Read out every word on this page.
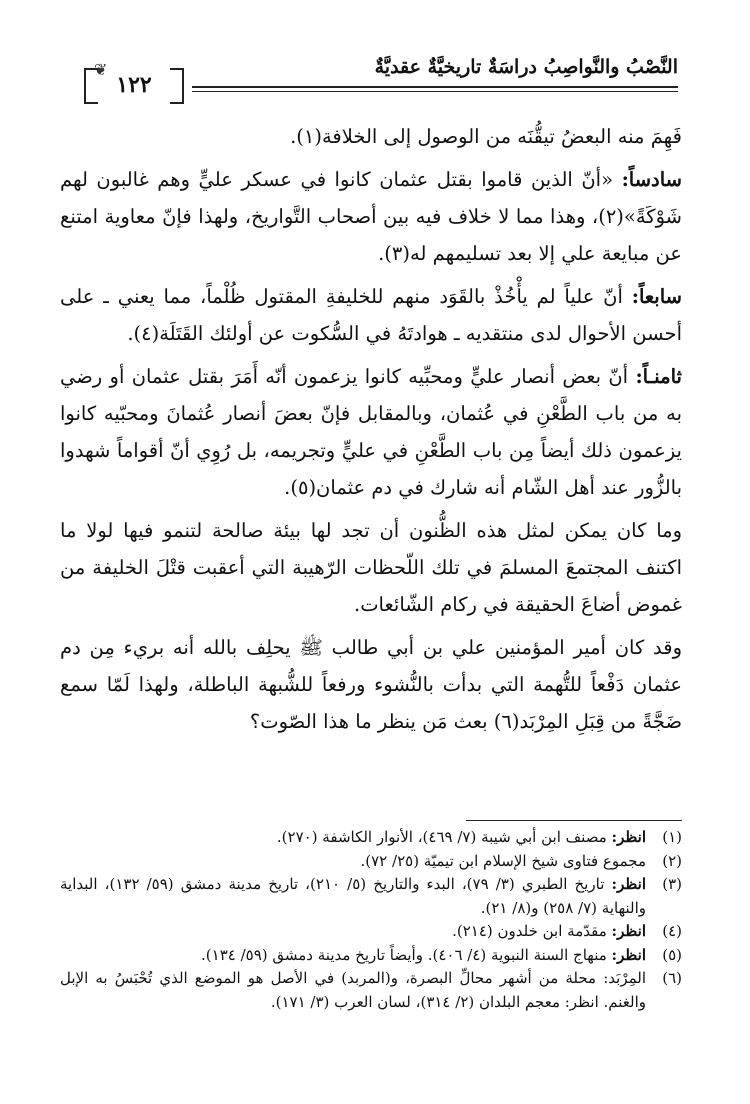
النَّصْبُ والنَّواصِبُ دراسَةٌ تاريخيَّةٌ عقديَّةٌ
❦
١٢٢

فَهِمَ منه البعضُ تيقُّنَه من الوصول إلى الخلافة(١).

سادساً: «أنّ الذين قاموا بقتل عثمان كانوا في عسكر عليٍّ وهم غالبون لهم شَوْكَةً»(٢)، وهذا مما لا خلاف فيه بين أصحاب التَّواريخ، ولهذا فإنّ معاوية امتنع عن مبايعة علي إلا بعد تسليمهم له(٣).

سابعاً: أنّ علياً لم يأْخُذْ بالقَوَد منهم للخليفةِ المقتول ظُلْماً، مما يعني ـ على أحسن الأحوال لدى منتقديه ـ هوادتَهُ في السُّكوت عن أولئك القَتَلَة(٤).

ثامنـاً: أنّ بعض أنصار عليٍّ ومحبِّيه كانوا يزعمون أنّه أَمَرَ بقتل عثمان أو رضي به من باب الطَّعْنِ في عُثمان، وبالمقابل فإنّ بعضَ أنصار عُثمانَ ومحبّيه كانوا يزعمون ذلك أيضاً مِن باب الطَّعْنِ في عليٍّ وتجريمه، بل رُوِي أنّ أقواماً شهدوا بالزُّور عند أهل الشّام أنه شارك في دم عثمان(٥).

وما كان يمكن لمثل هذه الظُّنون أن تجد لها بيئة صالحة لتنمو فيها لولا ما اكتنف المجتمعَ المسلمَ في تلك اللّحظات الرّهيبة التي أعقبت قتْلَ الخليفة من غموض أضاعَ الحقيقة في ركام الشّائعات.

وقد كان أمير المؤمنين علي بن أبي طالب ﷺ يحلِف بالله أنه بريء مِن دم عثمان دَفْعاً للتُّهمة التي بدأت بالنُّشوء ورفعاً للشُّبهة الباطلة، ولهذا لَمّا سمع ضَجَّةً من قِبَلِ المِرْبَد(٦) بعث مَن ينظر ما هذا الصّوت؟

(١)
انظر: مصنف ابن أبي شيبة (٧/ ٤٦٩)، الأنوار الكاشفة (٢٧٠).
(٢)
مجموع فتاوى شيخ الإسلام ابن تيميّة (٢٥/ ٧٢).
(٣)
انظر: تاريخ الطبري (٣/ ٧٩)، البدء والتاريخ (٥/ ٢١٠)، تاريخ مدينة دمشق (٥٩/ ١٣٢)، البداية والنهاية (٧/ ٢٥٨) و(٨/ ٢١).
(٤)
انظر: مقدّمة ابن خلدون (٢١٤).
(٥)
انظر: منهاج السنة النبوية (٤/ ٤٠٦). وأيضاً تاريخ مدينة دمشق (٥٩/ ١٣٤).
(٦)
المِرْبَد: محلة من أشهر محالِّ البصرة، و(المربد) في الأصل هو الموضع الذي تُحْبَسُ به الإبل والغنم. انظر: معجم البلدان (٢/ ٣١٤)، لسان العرب (٣/ ١٧١).
